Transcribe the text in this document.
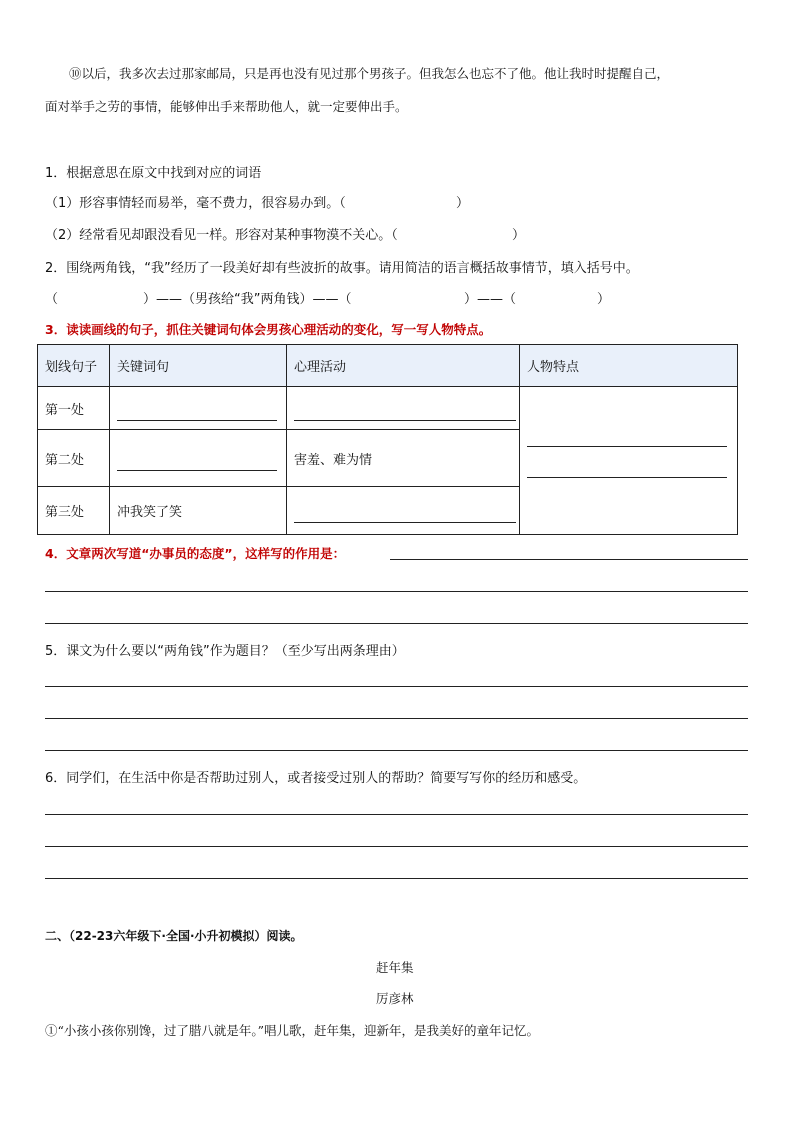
⑩以后，我多次去过那家邮局，只是再也没有见过那个男孩子。但我怎么也忘不了他。他让我时时提醒自己，
面对举手之劳的事情，能够伸出手来帮助他人，就一定要伸出手。
1．根据意思在原文中找到对应的词语
（1）形容事情轻而易举，毫不费力，很容易办到。（	）
（2）经常看见却跟没看见一样。形容对某种事物漠不关心。（	）
2．围绕两角钱，“我”经历了一段美好却有些波折的故事。请用简洁的语言概括故事情节，填入括号中。
（	）——（男孩给“我”两角钱）——（	）——（	）
3．读读画线的句子，抓住关键词句体会男孩心理活动的变化，写一写人物特点。
划线句子	关键词句	心理活动	人物特点
第一处	

第二处		害羞、难为情	
第三处	冲我笑了笑		
4．文章两次写道“办事员的态度”，这样写的作用是：
5．课文为什么要以“两角钱”作为题目？（至少写出两条理由）
6．同学们，在生活中你是否帮助过别人，或者接受过别人的帮助？简要写写你的经历和感受。
二、（22-23六年级下·全国·小升初模拟）阅读。
赶年集
厉彦林
①“小孩小孩你别馋，过了腊八就是年。”唱儿歌，赶年集，迎新年，是我美好的童年记忆。
